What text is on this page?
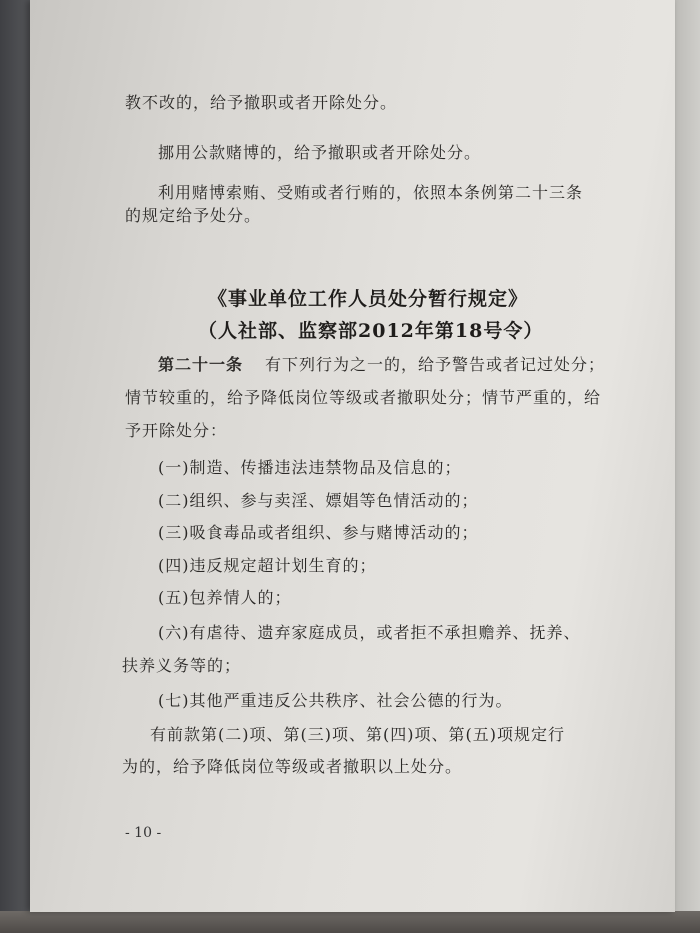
教不改的，给予撤职或者开除处分。
挪用公款赌博的，给予撤职或者开除处分。
利用赌博索贿、受贿或者行贿的，依照本条例第二十三条
的规定给予处分。
《事业单位工作人员处分暂行规定》
（人社部、监察部2012年第18号令）
第二十一条 有下列行为之一的，给予警告或者记过处分；
情节较重的，给予降低岗位等级或者撤职处分；情节严重的，给
予开除处分：
(一)制造、传播违法违禁物品及信息的；
(二)组织、参与卖淫、嫖娼等色情活动的；
(三)吸食毒品或者组织、参与赌博活动的；
(四)违反规定超计划生育的；
(五)包养情人的；
(六)有虐待、遗弃家庭成员，或者拒不承担赡养、抚养、
扶养义务等的；
(七)其他严重违反公共秩序、社会公德的行为。
有前款第(二)项、第(三)项、第(四)项、第(五)项规定行
为的，给予降低岗位等级或者撤职以上处分。
- 10 -
